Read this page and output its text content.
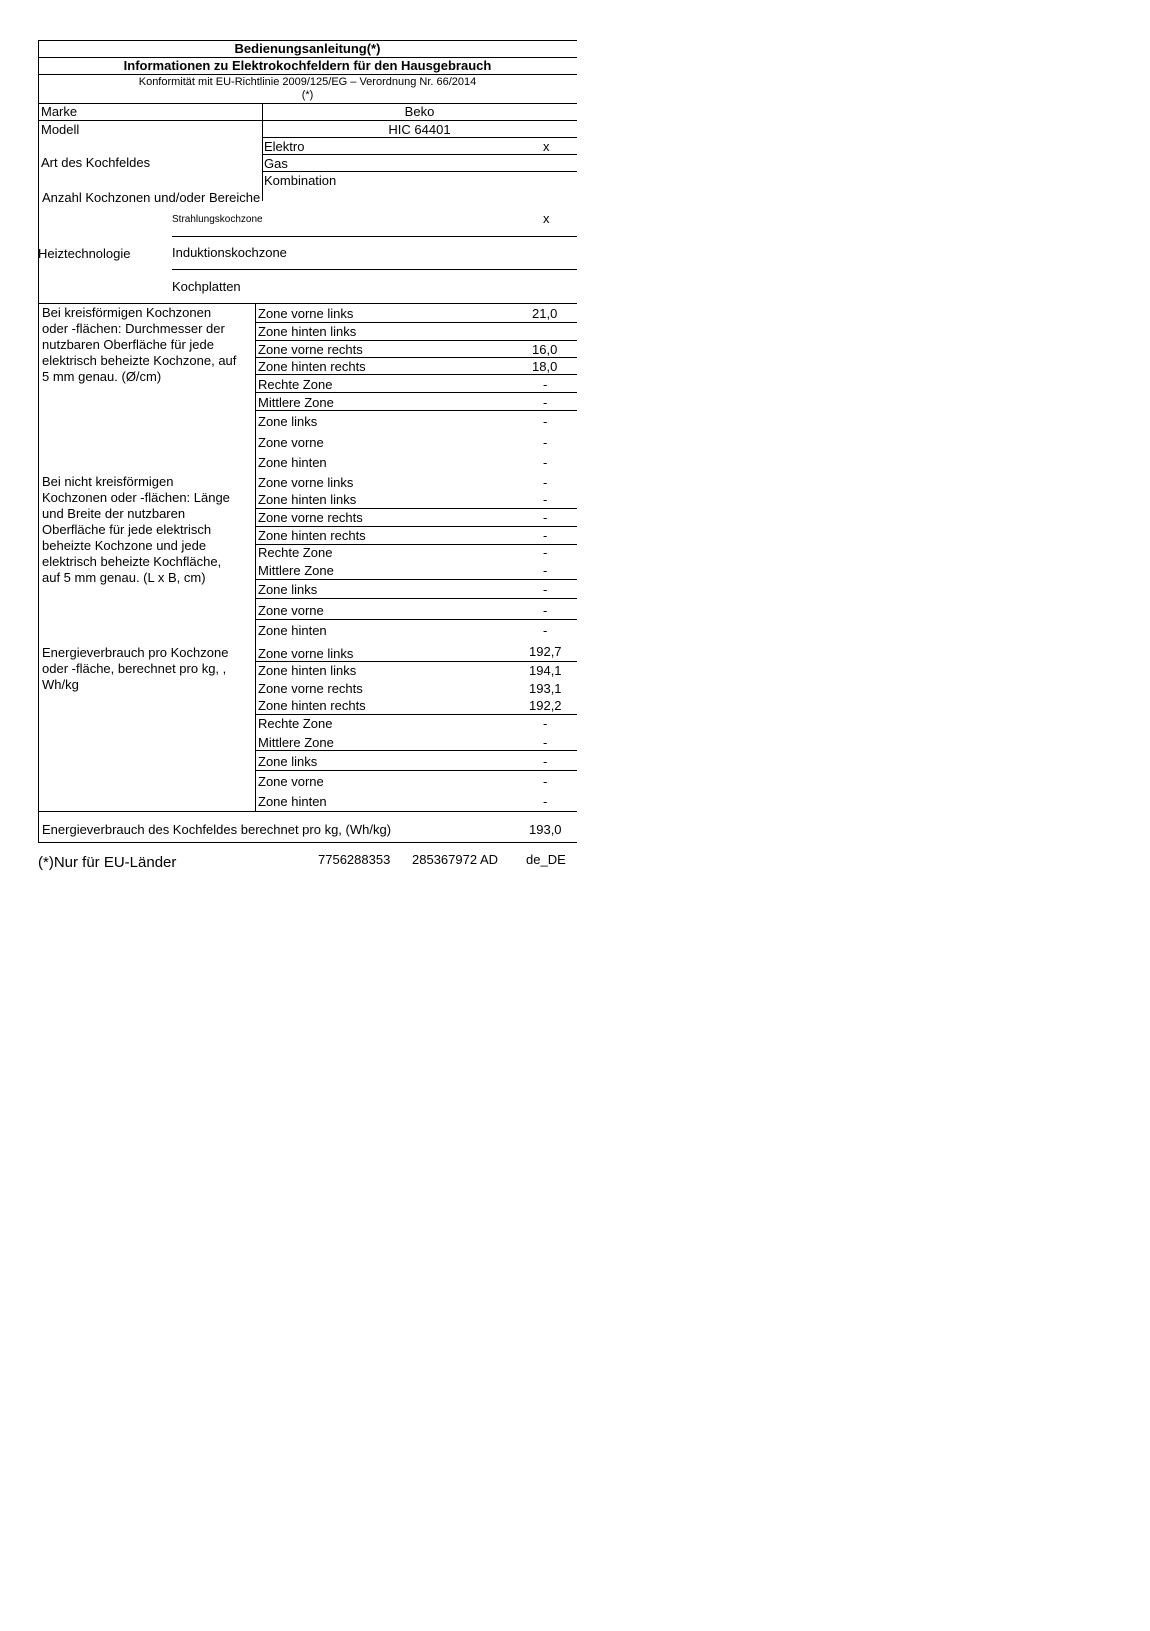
Bedienungsanleitung(*)
Informationen zu Elektrokochfeldern für den Hausgebrauch
Konformität mit EU-Richtlinie 2009/125/EG – Verordnung Nr. 66/2014
(*)
Marke	Beko
Modell	HIC 64401
Art des Kochfeldes
Elektro	x
Gas
Kombination
Anzahl Kochzonen und/oder Bereiche
Heiztechnologie
Strahlungskochzone	x
Induktionskochzone
Kochplatten
Bei kreisförmigen Kochzonen
oder -flächen: Durchmesser der
nutzbaren Oberfläche für jede
elektrisch beheizte Kochzone, auf
5 mm genau. (Ø/cm)
Zone vorne links	21,0
Zone hinten links
Zone vorne rechts	16,0
Zone hinten rechts	18,0
Rechte Zone	-
Mittlere Zone	-
Zone links	-
Zone vorne	-
Zone hinten	-
Bei nicht kreisförmigen
Kochzonen oder -flächen: Länge
und Breite der nutzbaren
Oberfläche für jede elektrisch
beheizte Kochzone und jede
elektrisch beheizte Kochfläche,
auf 5 mm genau. (L x B, cm)
Zone vorne links	-
Zone hinten links	-
Zone vorne rechts	-
Zone hinten rechts	-
Rechte Zone	-
Mittlere Zone	-
Zone links	-
Zone vorne	-
Zone hinten	-
Energieverbrauch pro Kochzone
oder -fläche, berechnet pro kg, ,
Wh/kg
Zone vorne links	192,7
Zone hinten links	194,1
Zone vorne rechts	193,1
Zone hinten rechts	192,2
Rechte Zone	-
Mittlere Zone	-
Zone links	-
Zone vorne	-
Zone hinten	-
Energieverbrauch des Kochfeldes berechnet pro kg, (Wh/kg)	193,0
(*)Nur für EU-Länder	7756288353 285367972 AD de_DE
